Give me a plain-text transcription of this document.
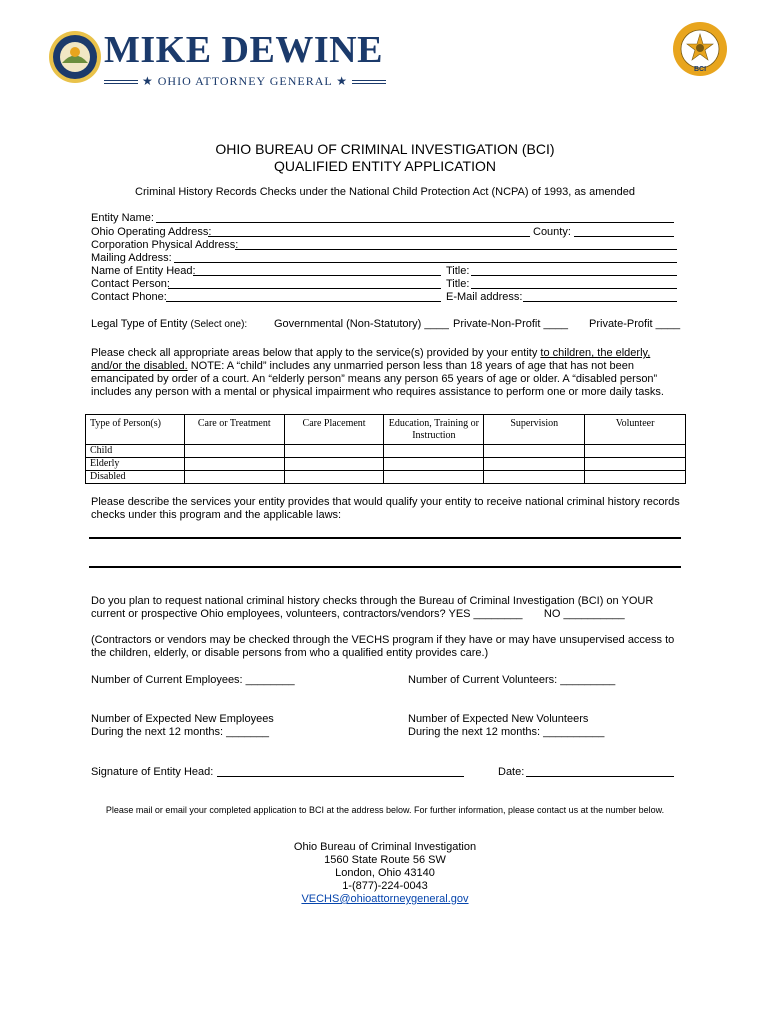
MIKE DEWINE
★ OHIO ATTORNEY GENERAL ★
BCI
OHIO BUREAU OF CRIMINAL INVESTIGATION (BCI)
QUALIFIED ENTITY APPLICATION
Criminal History Records Checks under the National Child Protection Act (NCPA) of 1993, as amended
Entity Name:
Ohio Operating Address:	County:
Corporation Physical Address:
Mailing Address:
Name of Entity Head:	Title:
Contact Person:	Title:
Contact Phone:	E-Mail address:
Legal Type of Entity (Select one): Governmental (Non-Statutory) ____ Private-Non-Profit ____ Private-Profit ____
Please check all appropriate areas below that apply to the service(s) provided by your entity to children, the elderly, and/or the disabled. NOTE: A “child” includes any unmarried person less than 18 years of age that has not been emancipated by order of a court. An “elderly person” means any person 65 years of age or older. A “disabled person” includes any person with a mental or physical impairment who requires assistance to perform one or more daily tasks.
Type of Person(s)	Care or Treatment	Care Placement	Education, Training or Instruction	Supervision	Volunteer
Child					
Elderly					
Disabled					
Please describe the services your entity provides that would qualify your entity to receive national criminal history records checks under this program and the applicable laws:
Do you plan to request national criminal history checks through the Bureau of Criminal Investigation (BCI) on YOUR current or prospective Ohio employees, volunteers, contractors/vendors? YES ________ NO __________
(Contractors or vendors may be checked through the VECHS program if they have or may have unsupervised access to the children, elderly, or disable persons from who a qualified entity provides care.)
Number of Current Employees: ________	Number of Current Volunteers: _________
Number of Expected New Employees
During the next 12 months: _______
Number of Expected New Volunteers
During the next 12 months: __________
Signature of Entity Head:	Date:
Please mail or email your completed application to BCI at the address below. For further information, please contact us at the number below.
Ohio Bureau of Criminal Investigation
1560 State Route 56 SW
London, Ohio 43140
1-(877)-224-0043
VECHS@ohioattorneygeneral.gov
